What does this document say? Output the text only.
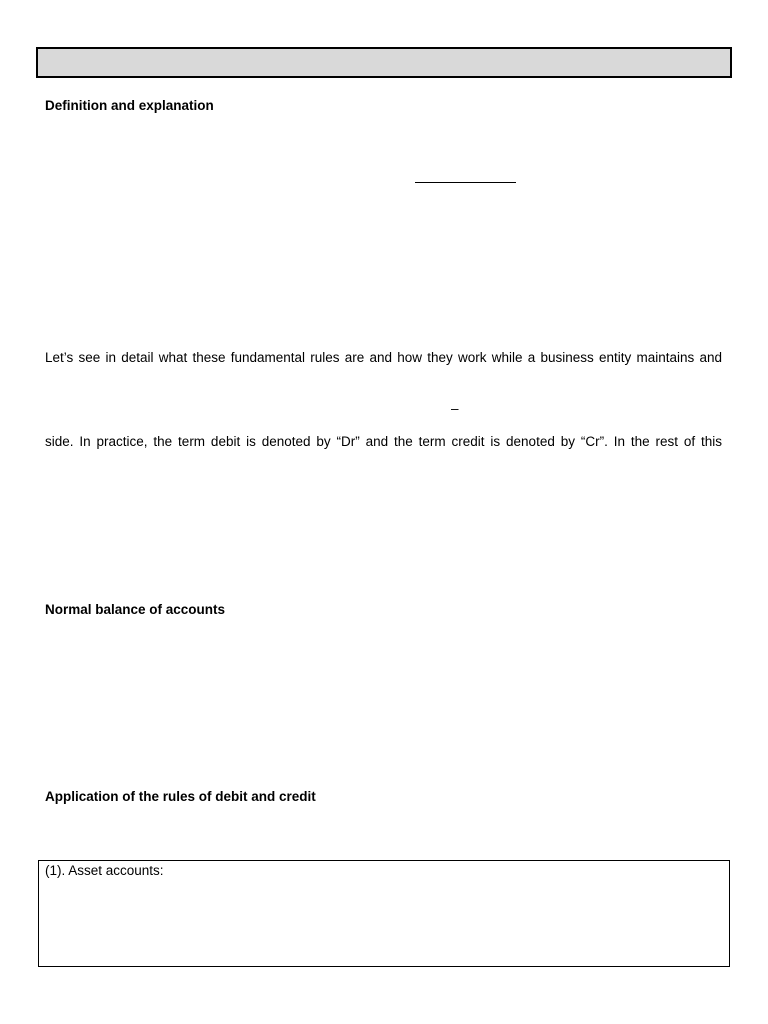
Definition and explanation
Let’s see in detail what these fundamental rules are and how they work while a business entity maintains and
–
side. In practice, the term debit is denoted by “Dr” and the term credit is denoted by “Cr”. In the rest of this
Normal balance of accounts
Application of the rules of debit and credit
(1). Asset accounts:
